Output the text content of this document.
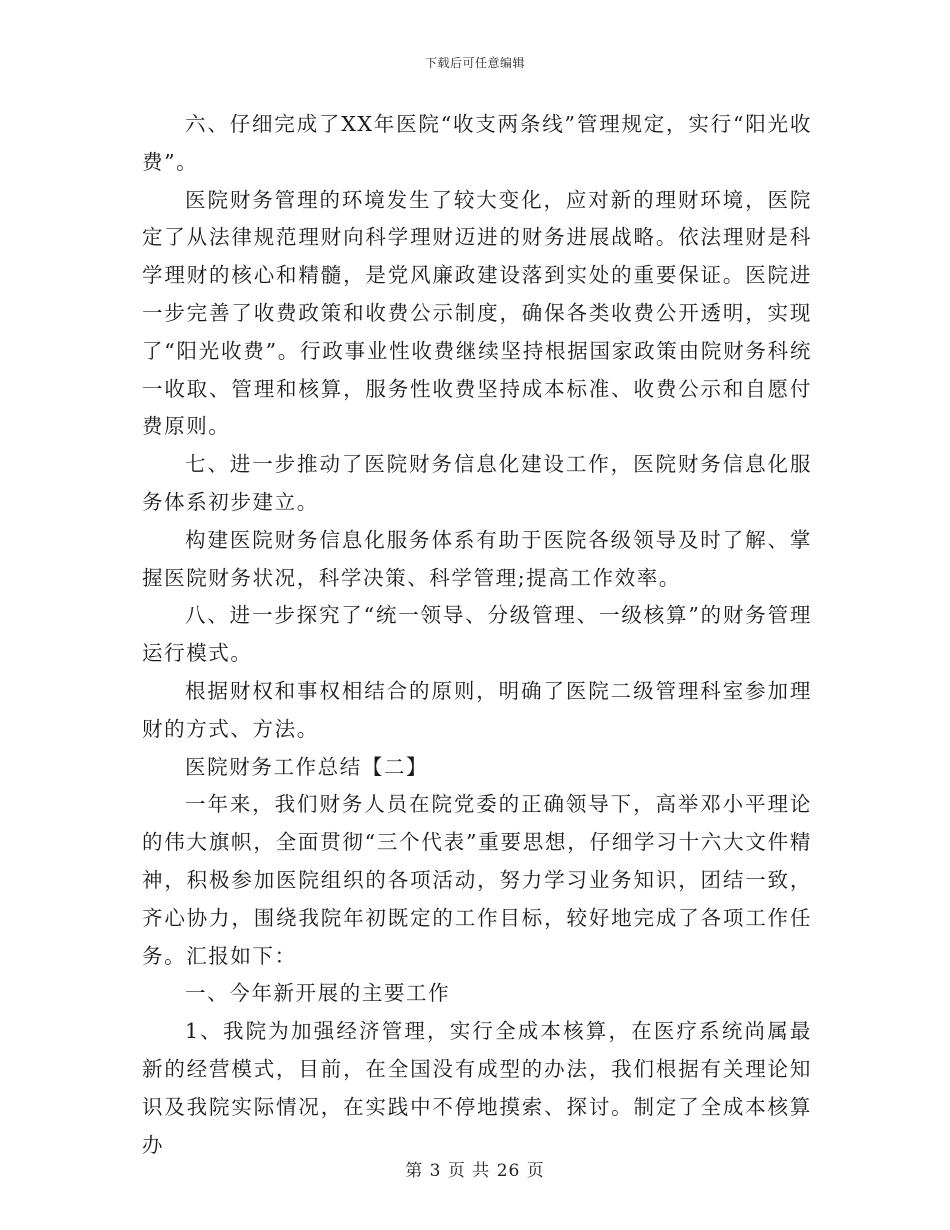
下载后可任意编辑

六、仔细完成了XX年医院“收支两条线”管理规定，实行“阳光收费”。

医院财务管理的环境发生了较大变化，应对新的理财环境，医院定了从法律规范理财向科学理财迈进的财务进展战略。依法理财是科学理财的核心和精髓，是党风廉政建设落到实处的重要保证。医院进一步完善了收费政策和收费公示制度，确保各类收费公开透明，实现了“阳光收费”。行政事业性收费继续坚持根据国家政策由院财务科统一收取、管理和核算，服务性收费坚持成本标准、收费公示和自愿付费原则。

七、进一步推动了医院财务信息化建设工作，医院财务信息化服务体系初步建立。

构建医院财务信息化服务体系有助于医院各级领导及时了解、掌握医院财务状况，科学决策、科学管理;提高工作效率。

八、进一步探究了“统一领导、分级管理、一级核算”的财务管理运行模式。

根据财权和事权相结合的原则，明确了医院二级管理科室参加理财的方式、方法。

医院财务工作总结【二】

一年来，我们财务人员在院党委的正确领导下，高举邓小平理论的伟大旗帜，全面贯彻“三个代表”重要思想，仔细学习十六大文件精神，积极参加医院组织的各项活动，努力学习业务知识，团结一致，齐心协力，围绕我院年初既定的工作目标，较好地完成了各项工作任务。汇报如下：

一、今年新开展的主要工作

1、我院为加强经济管理，实行全成本核算，在医疗系统尚属最新的经营模式，目前，在全国没有成型的办法，我们根据有关理论知识及我院实际情况，在实践中不停地摸索、探讨。制定了全成本核算办

第 3 页 共 26 页
